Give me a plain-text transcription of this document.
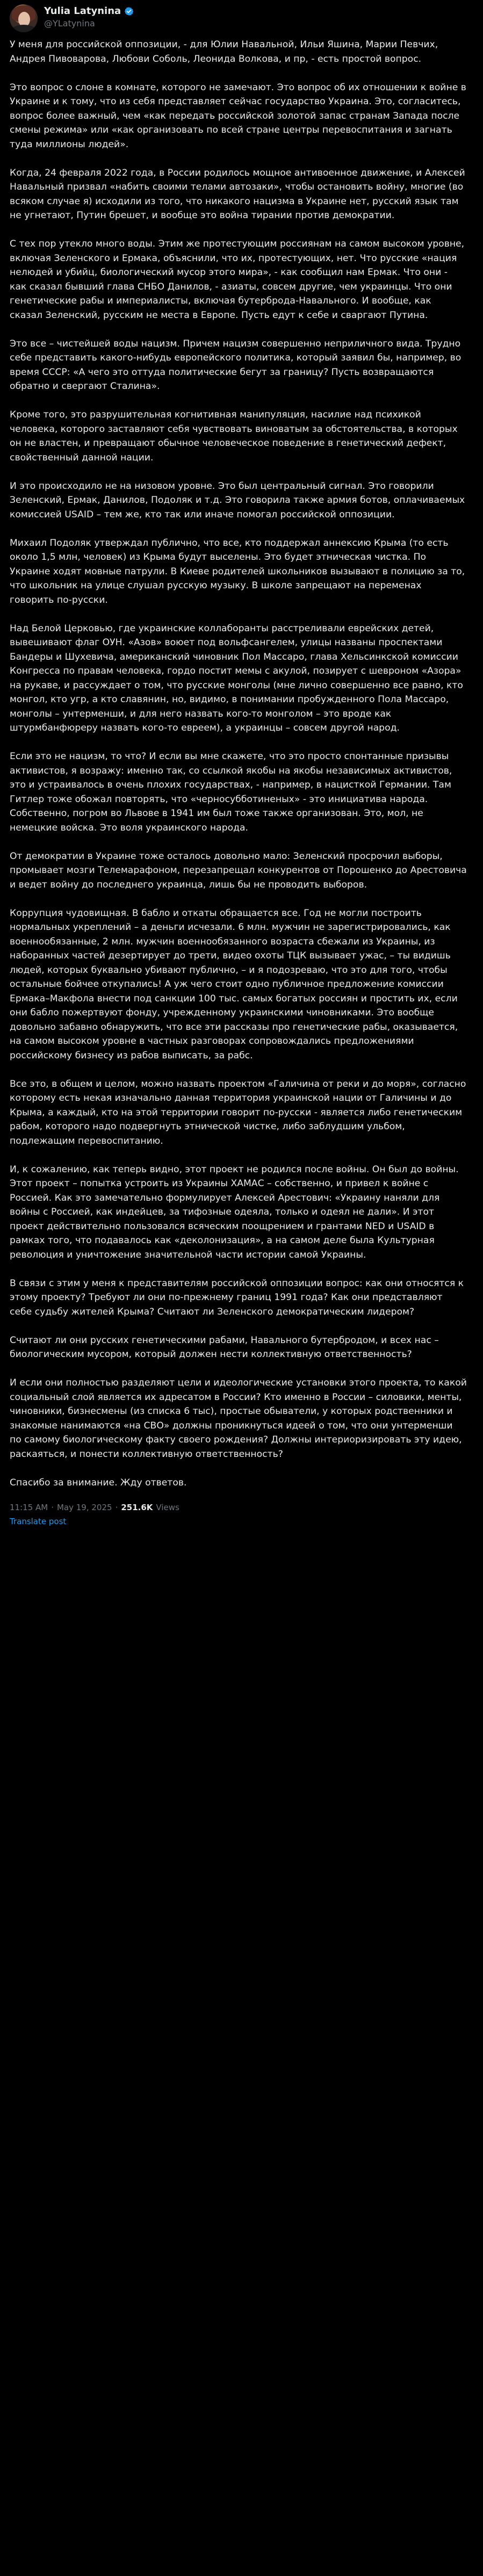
Yulia Latynina
@YLatynina

У меня для российской оппозиции, - для Юлии Навальной, Ильи Яшина, Марии Певчих, Андрея Пивоварова, Любови Соболь, Леонида Волкова, и пр, - есть простой вопрос.

Это вопрос о слоне в комнате, которого не замечают. Это вопрос об их отношении к войне в Украине и к тому, что из себя представляет сейчас государство Украина. Это, согласитесь, вопрос более важный, чем «как передать российской золотой запас странам Запада после смены режима» или «как организовать по всей стране центры перевоспитания и загнать туда миллионы людей».

Когда, 24 февраля 2022 года, в России родилось мощное антивоенное движение, и Алексей Навальный призвал «набить своими телами автозаки», чтобы остановить войну, многие (во всяком случае я) исходили из того, что никакого нацизма в Украине нет, русский язык там не угнетают, Путин брешет, и вообще это война тирании против демократии.

С тех пор утекло много воды. Этим же протестующим россиянам на самом высоком уровне, включая Зеленского и Ермака, объяснили, что их, протестующих, нет. Что русские «нация нелюдей и убийц, биологический мусор этого мира», - как сообщил нам Ермак. Что они - как сказал бывший глава СНБО Данилов, - азиаты, совсем другие, чем украинцы. Что они генетические рабы и империалисты, включая бутербродa-Навального. И вообще, как сказал Зеленский, русским не места в Европе. Пусть едут к себе и сваргают Путина.

Это все – чистейшей воды нацизм. Причем нацизм совершенно неприличного вида. Трудно себе представить какого-нибудь европейского политика, который заявил бы, например, во время СССР: «А чего это оттуда политические бегут за границу? Пусть возвращаются обратно и свергают Сталина».

Кроме того, это разрушительная когнитивная манипуляция, насилие над психикой человека, которого заставляют себя чувствовать виноватым за обстоятельства, в которых он не властен, и превращают обычное человеческое поведение в генетический дефект, свойственный данной нации.

И это происходило не на низовом уровне. Это был центральный сигнал. Это говорили Зеленский, Ермак, Данилов, Подоляк и т.д. Это говорила также армия ботов, оплачиваемых комиссией USAID – тем же, кто так или иначе помогал российской оппозиции.

Михаил Подоляк утверждал публично, что все, кто поддержал аннексию Крыма (то есть около 1,5 млн, человек) из Крыма будут выселены. Это будет этническая чистка. По Украине ходят мовные патрули. В Киеве родителей школьников вызывают в полицию за то, что школьник на улице слушал русскую музыку. В школе запрещают на переменах говорить по-русски.

Над Белой Церковью, где украинские коллаборанты расстреливали еврейских детей, вывешивают флаг ОУН. «Азов» воюет под вольфсангелем, улицы названы проспектами Бандеры и Шухевича, американский чиновник Пол Массаро, глава Хельсинкской комиссии Конгресса по правам человека, гордо постит мемы с акулой, позирует с шевроном «Азора» на рукаве, и рассуждает о том, что русские монголы (мне лично совершенно все равно, кто монгол, кто угр, а кто славянин, но, видимо, в понимании пробужденного Пола Массаро, монголы – унтерменши, и для него назвать кого-то монголом – это вроде как штурмбанфюреру назвать кого-то евреем), а украинцы – совсем другой народ.

Если это не нацизм, то что? И если вы мне скажете, что это просто спонтанные призывы активистов, я возражу: именно так, со ссылкой якобы на якобы независимых активистов, это и устраивалось в очень плохих государствах, - например, в нацисткой Германии. Там Гитлер тоже обожал повторять, что «черносубботиненых» - это инициатива народа. Собственно, погром во Львове в 1941 им был тоже также организован. Это, мол, не немецкие войска. Это воля украинского народа.

От демократии в Украине тоже осталось довольно мало: Зеленский просрочил выборы, промывает мозги Телемарафоном, перезапрещал конкурентов от Порошенко до Арестовича и ведет войну до последнего украинца, лишь бы не проводить выборов.

Коррупция чудовищная. В бабло и откаты обращается все. Год не могли построить нормальных укреплений – а деньги исчезали. 6 млн. мужчин не зарегистрировались, как военнообязанные, 2 млн. мужчин военнообязанного возраста сбежали из Украины, из наборанных частей дезертирует до трети, видео охоты ТЦК вызывает ужас, – ты видишь людей, которых буквально убивают публично, – и я подозреваю, что это для того, чтобы остальные бойчее откупались! А уж чего стоит одно публичное предложение комиссии Ермака–Макфола внести под санкции 100 тыс. самых богатых россиян и простить их, если они бабло пожертвуют фонду, учрежденному украинскими чиновниками. Это вообще довольно забавно обнаружить, что все эти рассказы про генетические рабы, оказывается, на самом высоком уровне в частных разговорах сопровождались предложениями российскому бизнесу из рабов выписать, за рабс.

Все это, в общем и целом, можно назвать проектом «Галичина от реки и до моря», согласно которому есть некая изначально данная территория украинской нации от Галичины и до Крыма, а каждый, кто на этой территории говорит по-русски - является либо генетическим рабом, которого надо подвергнуть этнической чистке, либо заблудшим ульбом, подлежащим перевоспитанию.

И, к сожалению, как теперь видно, этот проект не родился после войны. Он был до войны. Этот проект – попытка устроить из Украины ХАМАС – собственно, и привел к войне с Россией. Как это замечательно формулирует Алексей Арестович: «Украину наняли для войны с Россией, как индейцев, за тифозные одеяла, только и одеял не дали». И этот проект действительно пользовался всяческим поощрением и грантами NED и USAID в рамках того, что подавалось как «деколонизация», а на самом деле была Культурная революция и уничтожение значительной части истории самой Украины.

В связи с этим у меня к представителям российской оппозиции вопрос: как они относятся к этому проекту? Требуют ли они по-прежнему границ 1991 года? Как они представляют себе судьбу жителей Крыма? Считают ли Зеленского демократическим лидером?

Считают ли они русских генетическими рабами, Навального бутербродом, и всех нас – биологическим мусором, который должен нести коллективную ответственность?

И если они полностью разделяют цели и идеологические установки этого проекта, то какой социальный слой является их адресатом в России? Кто именно в России – силовики, менты, чиновники, бизнесмены (из списка 6 тыс), простые обыватели, у которых родственники и знакомые нанимаются «на СВО» должны проникнуться идеей о том, что они унтерменши по самому биологическому факту своего рождения? Должны интериоризировать эту идею, раскаяться, и понести коллективную ответственность?

Спасибо за внимание. Жду ответов.

11:15 AM · May 19, 2025 · 251.6K Views
Translate post
